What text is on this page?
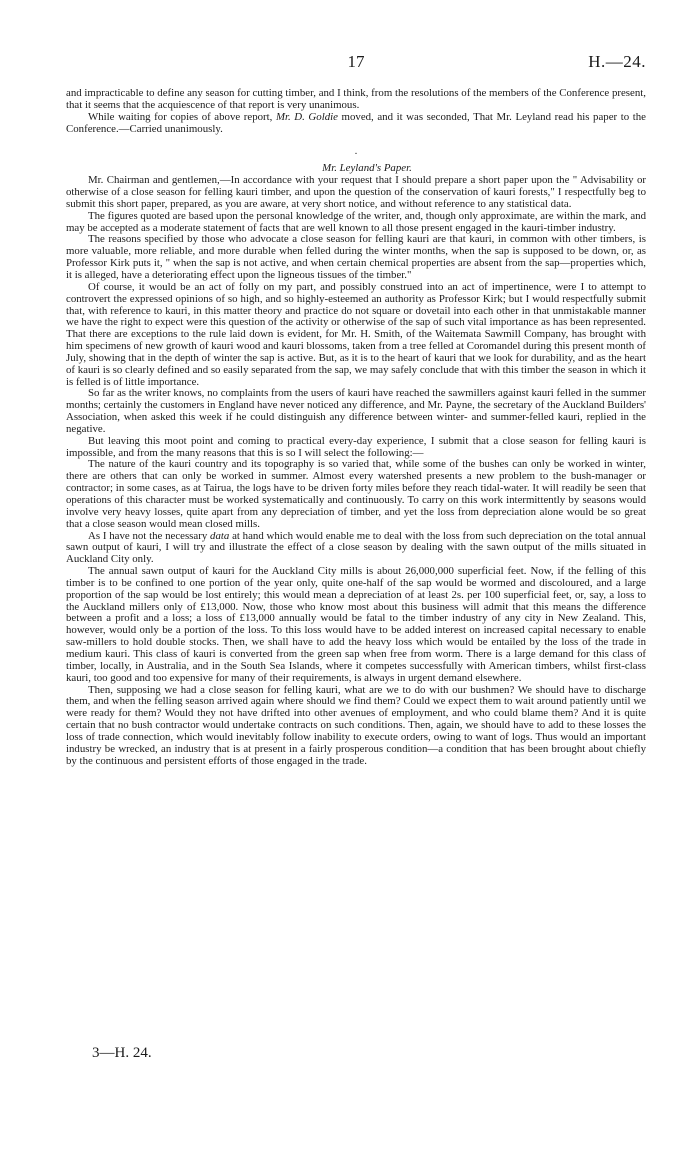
17	H.—24.

and impracticable to define any season for cutting timber, and I think, from the resolutions of the members of the Conference present, that it seems that the acquiescence of that report is very unanimous.

While waiting for copies of above report, Mr. D. Goldie moved, and it was seconded, That Mr. Leyland read his paper to the Conference.—Carried unanimously.

.

Mr. Leyland's Paper.

Mr. Chairman and gentlemen,—In accordance with your request that I should prepare a short paper upon the " Advisability or otherwise of a close season for felling kauri timber, and upon the question of the conservation of kauri forests," I respectfully beg to submit this short paper, prepared, as you are aware, at very short notice, and without reference to any statistical data.

The figures quoted are based upon the personal knowledge of the writer, and, though only approximate, are within the mark, and may be accepted as a moderate statement of facts that are well known to all those present engaged in the kauri-timber industry.

The reasons specified by those who advocate a close season for felling kauri are that kauri, in common with other timbers, is more valuable, more reliable, and more durable when felled during the winter months, when the sap is supposed to be down, or, as Professor Kirk puts it, " when the sap is not active, and when certain chemical properties are absent from the sap—properties which, it is alleged, have a deteriorating effect upon the ligneous tissues of the timber."

Of course, it would be an act of folly on my part, and possibly construed into an act of impertinence, were I to attempt to controvert the expressed opinions of so high, and so highly-esteemed an authority as Professor Kirk; but I would respectfully submit that, with reference to kauri, in this matter theory and practice do not square or dovetail into each other in that unmistakable manner we have the right to expect were this question of the activity or otherwise of the sap of such vital importance as has been represented. That there are exceptions to the rule laid down is evident, for Mr. H. Smith, of the Waitemata Sawmill Company, has brought with him specimens of new growth of kauri wood and kauri blossoms, taken from a tree felled at Coromandel during this present month of July, showing that in the depth of winter the sap is active. But, as it is to the heart of kauri that we look for durability, and as the heart of kauri is so clearly defined and so easily separated from the sap, we may safely conclude that with this timber the season in which it is felled is of little importance.

So far as the writer knows, no complaints from the users of kauri have reached the sawmillers against kauri felled in the summer months; certainly the customers in England have never noticed any difference, and Mr. Payne, the secretary of the Auckland Builders' Association, when asked this week if he could distinguish any difference between winter- and summer-felled kauri, replied in the negative.

But leaving this moot point and coming to practical every-day experience, I submit that a close season for felling kauri is impossible, and from the many reasons that this is so I will select the following:—

The nature of the kauri country and its topography is so varied that, while some of the bushes can only be worked in winter, there are others that can only be worked in summer. Almost every watershed presents a new problem to the bush-manager or contractor; in some cases, as at Tairua, the logs have to be driven forty miles before they reach tidal-water. It will readily be seen that operations of this character must be worked systematically and continuously. To carry on this work intermittently by seasons would involve very heavy losses, quite apart from any depreciation of timber, and yet the loss from depreciation alone would be so great that a close season would mean closed mills.

As I have not the necessary data at hand which would enable me to deal with the loss from such depreciation on the total annual sawn output of kauri, I will try and illustrate the effect of a close season by dealing with the sawn output of the mills situated in Auckland City only.

The annual sawn output of kauri for the Auckland City mills is about 26,000,000 superficial feet. Now, if the felling of this timber is to be confined to one portion of the year only, quite one-half of the sap would be wormed and discoloured, and a large proportion of the sap would be lost entirely; this would mean a depreciation of at least 2s. per 100 superficial feet, or, say, a loss to the Auckland millers only of £13,000. Now, those who know most about this business will admit that this means the difference between a profit and a loss; a loss of £13,000 annually would be fatal to the timber industry of any city in New Zealand. This, however, would only be a portion of the loss. To this loss would have to be added interest on increased capital necessary to enable saw-millers to hold double stocks. Then, we shall have to add the heavy loss which would be entailed by the loss of the trade in medium kauri. This class of kauri is converted from the green sap when free from worm. There is a large demand for this class of timber, locally, in Australia, and in the South Sea Islands, where it competes successfully with American timbers, whilst first-class kauri, too good and too expensive for many of their requirements, is always in urgent demand elsewhere.

Then, supposing we had a close season for felling kauri, what are we to do with our bushmen? We should have to discharge them, and when the felling season arrived again where should we find them? Could we expect them to wait around patiently until we were ready for them? Would they not have drifted into other avenues of employment, and who could blame them? And it is quite certain that no bush contractor would undertake contracts on such conditions. Then, again, we should have to add to these losses the loss of trade connection, which would inevitably follow inability to execute orders, owing to want of logs. Thus would an important industry be wrecked, an industry that is at present in a fairly prosperous condition—a condition that has been brought about chiefly by the continuous and persistent efforts of those engaged in the trade.

3—H. 24.
